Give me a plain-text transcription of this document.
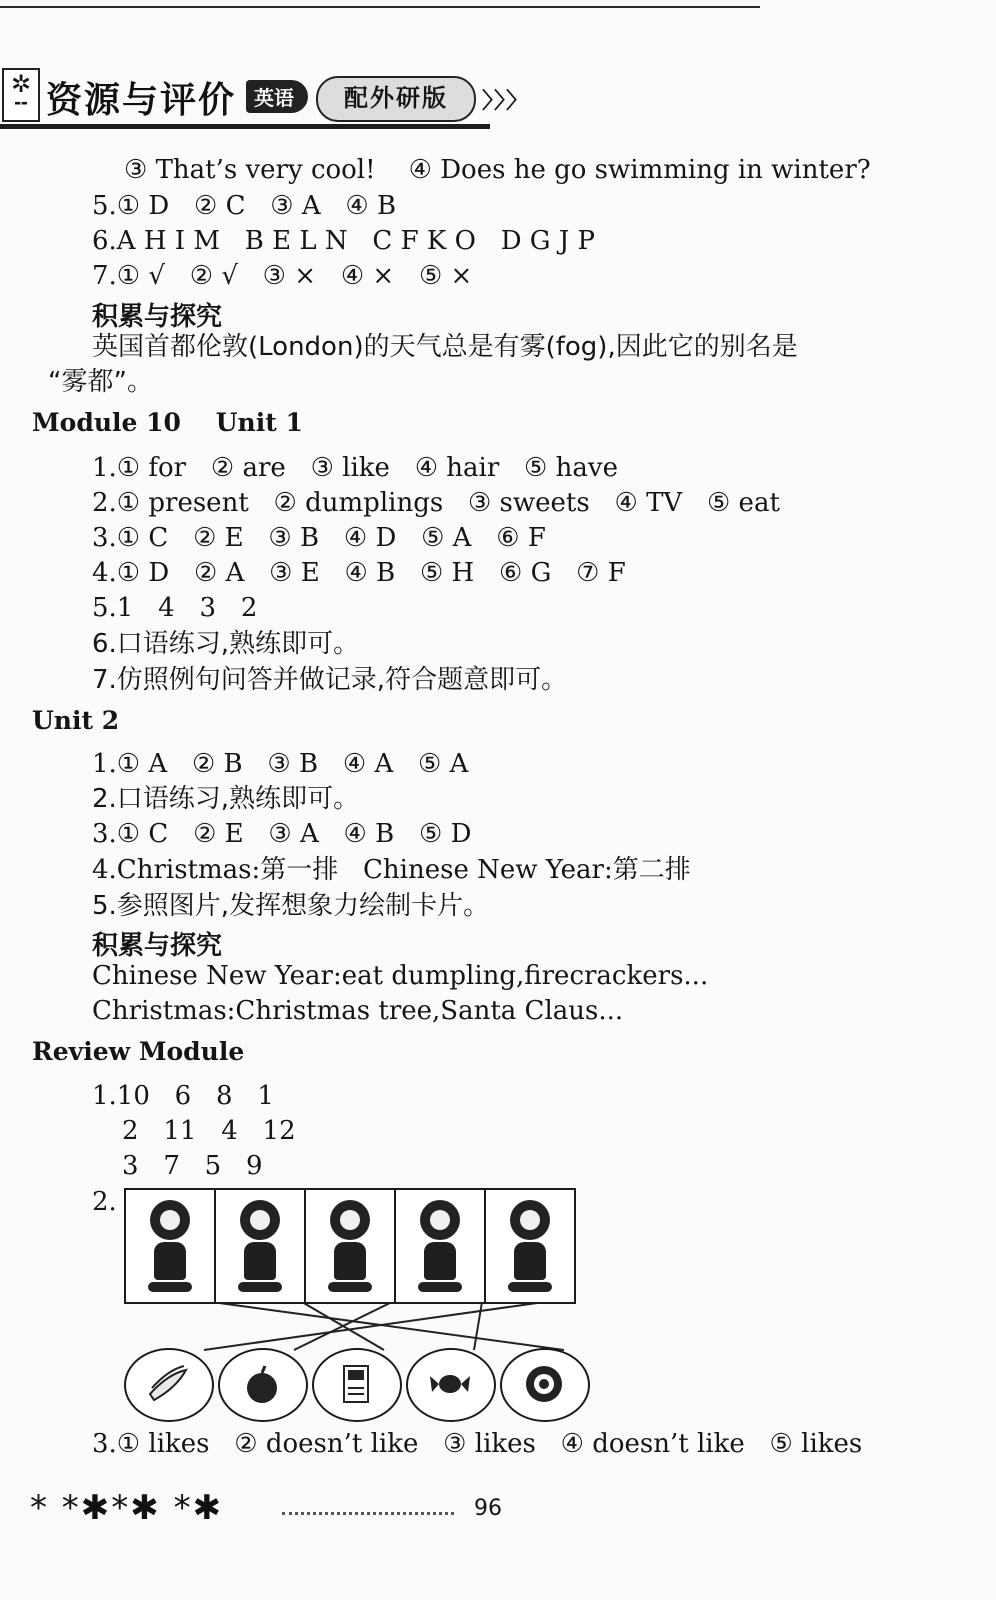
✲
▬▬ 资源与评价 英语	配外研版	〉〉〉
③ That’s very cool!    ④ Does he go swimming in winter?
5.① D   ② C   ③ A   ④ B
6.A H I M   B E L N   C F K O   D G J P
7.① √   ② √   ③ ×   ④ ×   ⑤ ×
积累与探究
英国首都伦敦(London)的天气总是有雾(fog),因此它的别名是
“雾都”。
Module 10    Unit 1
1.① for   ② are   ③ like   ④ hair   ⑤ have
2.① present   ② dumplings   ③ sweets   ④ TV   ⑤ eat
3.① C   ② E   ③ B   ④ D   ⑤ A   ⑥ F
4.① D   ② A   ③ E   ④ B   ⑤ H   ⑥ G   ⑦ F
5.1   4   3   2
6.口语练习,熟练即可。
7.仿照例句问答并做记录,符合题意即可。
Unit 2
1.① A   ② B   ③ B   ④ A   ⑤ A
2.口语练习,熟练即可。
3.① C   ② E   ③ A   ④ B   ⑤ D
4.Christmas:第一排   Chinese New Year:第二排
5.参照图片,发挥想象力绘制卡片。
积累与探究
Chinese New Year:eat dumpling,firecrackers...
Christmas:Christmas tree,Santa Claus...
Review Module
1.10   6   8   1
2   11   4   12
3   7   5   9
2.
3.① likes   ② doesn’t like   ③ likes   ④ doesn’t like   ⑤ likes
* *✱*✱ *✱	96
